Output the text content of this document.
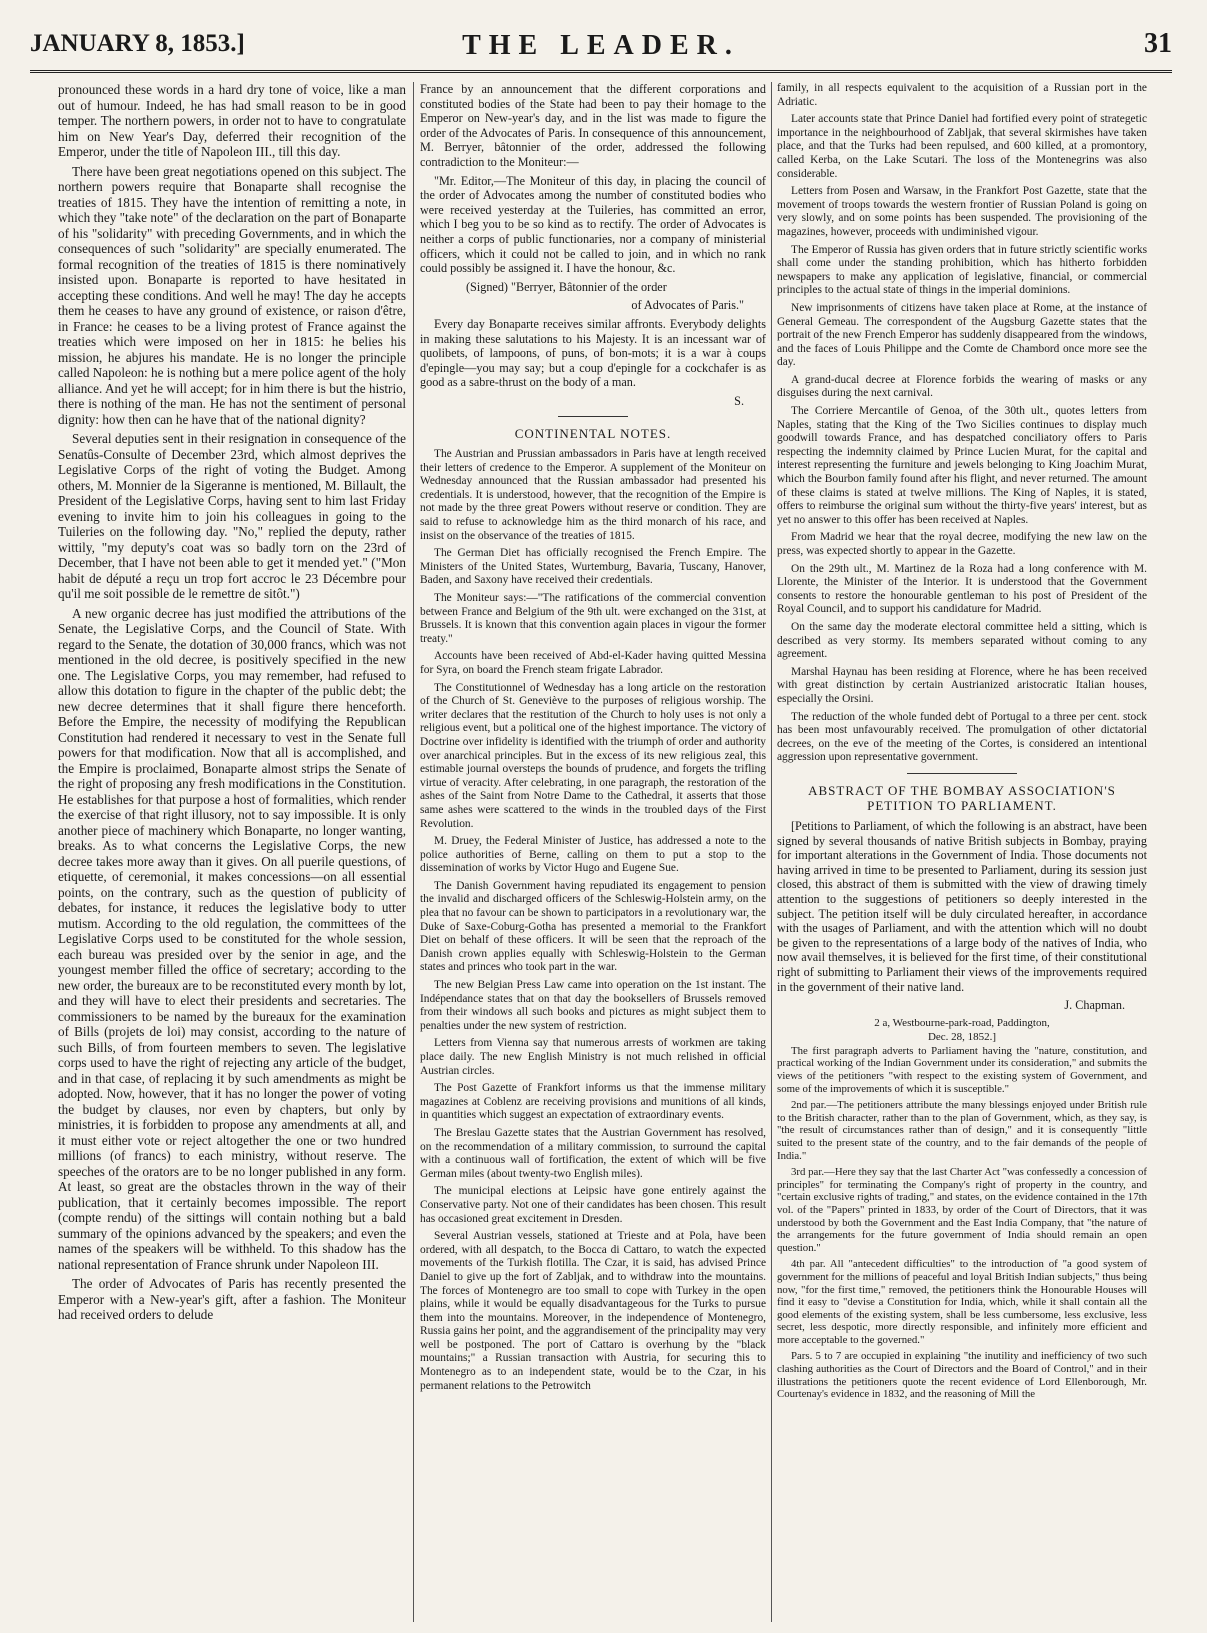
JANUARY 8, 1853.]	THE LEADER.	31

pronounced these words in a hard dry tone of voice, like a man out of humour. Indeed, he has had small reason to be in good temper. The northern powers, in order not to have to congratulate him on New Year's Day, deferred their recognition of the Emperor, under the title of Napoleon III., till this day.

There have been great negotiations opened on this subject. The northern powers require that Bonaparte shall recognise the treaties of 1815. They have the intention of remitting a note, in which they "take note" of the declaration on the part of Bonaparte of his "solidarity" with preceding Governments, and in which the consequences of such "solidarity" are specially enumerated. The formal recognition of the treaties of 1815 is there nominatively insisted upon. Bonaparte is reported to have hesitated in accepting these conditions. And well he may! The day he accepts them he ceases to have any ground of existence, or raison d'être, in France: he ceases to be a living protest of France against the treaties which were imposed on her in 1815: he belies his mission, he abjures his mandate. He is no longer the principle called Napoleon: he is nothing but a mere police agent of the holy alliance. And yet he will accept; for in him there is but the histrio, there is nothing of the man. He has not the sentiment of personal dignity: how then can he have that of the national dignity?

Several deputies sent in their resignation in consequence of the Senatûs-Consulte of December 23rd, which almost deprives the Legislative Corps of the right of voting the Budget. Among others, M. Monnier de la Sigeranne is mentioned, M. Billault, the President of the Legislative Corps, having sent to him last Friday evening to invite him to join his colleagues in going to the Tuileries on the following day. "No," replied the deputy, rather wittily, "my deputy's coat was so badly torn on the 23rd of December, that I have not been able to get it mended yet." ("Mon habit de député a reçu un trop fort accroc le 23 Décembre pour qu'il me soit possible de le remettre de sitôt.")

A new organic decree has just modified the attributions of the Senate, the Legislative Corps, and the Council of State. With regard to the Senate, the dotation of 30,000 francs, which was not mentioned in the old decree, is positively specified in the new one. The Legislative Corps, you may remember, had refused to allow this dotation to figure in the chapter of the public debt; the new decree determines that it shall figure there henceforth. Before the Empire, the necessity of modifying the Republican Constitution had rendered it necessary to vest in the Senate full powers for that modification. Now that all is accomplished, and the Empire is proclaimed, Bonaparte almost strips the Senate of the right of proposing any fresh modifications in the Constitution. He establishes for that purpose a host of formalities, which render the exercise of that right illusory, not to say impossible. It is only another piece of machinery which Bonaparte, no longer wanting, breaks. As to what concerns the Legislative Corps, the new decree takes more away than it gives. On all puerile questions, of etiquette, of ceremonial, it makes concessions—on all essential points, on the contrary, such as the question of publicity of debates, for instance, it reduces the legislative body to utter mutism. According to the old regulation, the committees of the Legislative Corps used to be constituted for the whole session, each bureau was presided over by the senior in age, and the youngest member filled the office of secretary; according to the new order, the bureaux are to be reconstituted every month by lot, and they will have to elect their presidents and secretaries. The commissioners to be named by the bureaux for the examination of Bills (projets de loi) may consist, according to the nature of such Bills, of from fourteen members to seven. The legislative corps used to have the right of rejecting any article of the budget, and in that case, of replacing it by such amendments as might be adopted. Now, however, that it has no longer the power of voting the budget by clauses, nor even by chapters, but only by ministries, it is forbidden to propose any amendments at all, and it must either vote or reject altogether the one or two hundred millions (of francs) to each ministry, without reserve. The speeches of the orators are to be no longer published in any form. At least, so great are the obstacles thrown in the way of their publication, that it certainly becomes impossible. The report (compte rendu) of the sittings will contain nothing but a bald summary of the opinions advanced by the speakers; and even the names of the speakers will be withheld. To this shadow has the national representation of France shrunk under Napoleon III.

The order of Advocates of Paris has recently presented the Emperor with a New-year's gift, after a fashion. The Moniteur had received orders to delude

France by an announcement that the different corporations and constituted bodies of the State had been to pay their homage to the Emperor on New-year's day, and in the list was made to figure the order of the Advocates of Paris. In consequence of this announcement, M. Berryer, bâtonnier of the order, addressed the following contradiction to the Moniteur:—

"Mr. Editor,—The Moniteur of this day, in placing the council of the order of Advocates among the number of constituted bodies who were received yesterday at the Tuileries, has committed an error, which I beg you to be so kind as to rectify. The order of Advocates is neither a corps of public functionaries, nor a company of ministerial officers, which it could not be called to join, and in which no rank could possibly be assigned it. I have the honour, &c.

(Signed) "Berryer, Bâtonnier of the order

of Advocates of Paris."

Every day Bonaparte receives similar affronts. Everybody delights in making these salutations to his Majesty. It is an incessant war of quolibets, of lampoons, of puns, of bon-mots; it is a war à coups d'epingle—you may say; but a coup d'epingle for a cockchafer is as good as a sabre-thrust on the body of a man.

S.

CONTINENTAL NOTES.

The Austrian and Prussian ambassadors in Paris have at length received their letters of credence to the Emperor. A supplement of the Moniteur on Wednesday announced that the Russian ambassador had presented his credentials. It is understood, however, that the recognition of the Empire is not made by the three great Powers without reserve or condition. They are said to refuse to acknowledge him as the third monarch of his race, and insist on the observance of the treaties of 1815.

The German Diet has officially recognised the French Empire. The Ministers of the United States, Wurtemburg, Bavaria, Tuscany, Hanover, Baden, and Saxony have received their credentials.

The Moniteur says:—"The ratifications of the commercial convention between France and Belgium of the 9th ult. were exchanged on the 31st, at Brussels. It is known that this convention again places in vigour the former treaty."

Accounts have been received of Abd-el-Kader having quitted Messina for Syra, on board the French steam frigate Labrador.

The Constitutionnel of Wednesday has a long article on the restoration of the Church of St. Geneviève to the purposes of religious worship. The writer declares that the restitution of the Church to holy uses is not only a religious event, but a political one of the highest importance. The victory of Doctrine over infidelity is identified with the triumph of order and authority over anarchical principles. But in the excess of its new religious zeal, this estimable journal oversteps the bounds of prudence, and forgets the trifling virtue of veracity. After celebrating, in one paragraph, the restoration of the ashes of the Saint from Notre Dame to the Cathedral, it asserts that those same ashes were scattered to the winds in the troubled days of the First Revolution.

M. Druey, the Federal Minister of Justice, has addressed a note to the police authorities of Berne, calling on them to put a stop to the dissemination of works by Victor Hugo and Eugene Sue.

The Danish Government having repudiated its engagement to pension the invalid and discharged officers of the Schleswig-Holstein army, on the plea that no favour can be shown to participators in a revolutionary war, the Duke of Saxe-Coburg-Gotha has presented a memorial to the Frankfort Diet on behalf of these officers. It will be seen that the reproach of the Danish crown applies equally with Schleswig-Holstein to the German states and princes who took part in the war.

The new Belgian Press Law came into operation on the 1st instant. The Indépendance states that on that day the booksellers of Brussels removed from their windows all such books and pictures as might subject them to penalties under the new system of restriction.

Letters from Vienna say that numerous arrests of workmen are taking place daily. The new English Ministry is not much relished in official Austrian circles.

The Post Gazette of Frankfort informs us that the immense military magazines at Coblenz are receiving provisions and munitions of all kinds, in quantities which suggest an expectation of extraordinary events.

The Breslau Gazette states that the Austrian Government has resolved, on the recommendation of a military commission, to surround the capital with a continuous wall of fortification, the extent of which will be five German miles (about twenty-two English miles).

The municipal elections at Leipsic have gone entirely against the Conservative party. Not one of their candidates has been chosen. This result has occasioned great excitement in Dresden.

Several Austrian vessels, stationed at Trieste and at Pola, have been ordered, with all despatch, to the Bocca di Cattaro, to watch the expected movements of the Turkish flotilla. The Czar, it is said, has advised Prince Daniel to give up the fort of Zabljak, and to withdraw into the mountains. The forces of Montenegro are too small to cope with Turkey in the open plains, while it would be equally disadvantageous for the Turks to pursue them into the mountains. Moreover, in the independence of Montenegro, Russia gains her point, and the aggrandisement of the principality may very well be postponed. The port of Cattaro is overhung by the "black mountains;" a Russian transaction with Austria, for securing this to Montenegro as to an independent state, would be to the Czar, in his permanent relations to the Petrowitch

family, in all respects equivalent to the acquisition of a Russian port in the Adriatic.

Later accounts state that Prince Daniel had fortified every point of strategetic importance in the neighbourhood of Zabljak, that several skirmishes have taken place, and that the Turks had been repulsed, and 600 killed, at a promontory, called Kerba, on the Lake Scutari. The loss of the Montenegrins was also considerable.

Letters from Posen and Warsaw, in the Frankfort Post Gazette, state that the movement of troops towards the western frontier of Russian Poland is going on very slowly, and on some points has been suspended. The provisioning of the magazines, however, proceeds with undiminished vigour.

The Emperor of Russia has given orders that in future strictly scientific works shall come under the standing prohibition, which has hitherto forbidden newspapers to make any application of legislative, financial, or commercial principles to the actual state of things in the imperial dominions.

New imprisonments of citizens have taken place at Rome, at the instance of General Gemeau. The correspondent of the Augsburg Gazette states that the portrait of the new French Emperor has suddenly disappeared from the windows, and the faces of Louis Philippe and the Comte de Chambord once more see the day.

A grand-ducal decree at Florence forbids the wearing of masks or any disguises during the next carnival.

The Corriere Mercantile of Genoa, of the 30th ult., quotes letters from Naples, stating that the King of the Two Sicilies continues to display much goodwill towards France, and has despatched conciliatory offers to Paris respecting the indemnity claimed by Prince Lucien Murat, for the capital and interest representing the furniture and jewels belonging to King Joachim Murat, which the Bourbon family found after his flight, and never returned. The amount of these claims is stated at twelve millions. The King of Naples, it is stated, offers to reimburse the original sum without the thirty-five years' interest, but as yet no answer to this offer has been received at Naples.

From Madrid we hear that the royal decree, modifying the new law on the press, was expected shortly to appear in the Gazette.

On the 29th ult., M. Martinez de la Roza had a long conference with M. Llorente, the Minister of the Interior. It is understood that the Government consents to restore the honourable gentleman to his post of President of the Royal Council, and to support his candidature for Madrid.

On the same day the moderate electoral committee held a sitting, which is described as very stormy. Its members separated without coming to any agreement.

Marshal Haynau has been residing at Florence, where he has been received with great distinction by certain Austrianized aristocratic Italian houses, especially the Orsini.

The reduction of the whole funded debt of Portugal to a three per cent. stock has been most unfavourably received. The promulgation of other dictatorial decrees, on the eve of the meeting of the Cortes, is considered an intentional aggression upon representative government.

ABSTRACT OF THE BOMBAY ASSOCIATION'S PETITION TO PARLIAMENT.

[Petitions to Parliament, of which the following is an abstract, have been signed by several thousands of native British subjects in Bombay, praying for important alterations in the Government of India. Those documents not having arrived in time to be presented to Parliament, during its session just closed, this abstract of them is submitted with the view of drawing timely attention to the suggestions of petitioners so deeply interested in the subject. The petition itself will be duly circulated hereafter, in accordance with the usages of Parliament, and with the attention which will no doubt be given to the representations of a large body of the natives of India, who now avail themselves, it is believed for the first time, of their constitutional right of submitting to Parliament their views of the improvements required in the government of their native land.

J. Chapman.

2 a, Westbourne-park-road, Paddington,

Dec. 28, 1852.]

The first paragraph adverts to Parliament having the "nature, constitution, and practical working of the Indian Government under its consideration," and submits the views of the petitioners "with respect to the existing system of Government, and some of the improvements of which it is susceptible."

2nd par.—The petitioners attribute the many blessings enjoyed under British rule to the British character, rather than to the plan of Government, which, as they say, is "the result of circumstances rather than of design," and it is consequently "little suited to the present state of the country, and to the fair demands of the people of India."

3rd par.—Here they say that the last Charter Act "was confessedly a concession of principles" for terminating the Company's right of property in the country, and "certain exclusive rights of trading," and states, on the evidence contained in the 17th vol. of the "Papers" printed in 1833, by order of the Court of Directors, that it was understood by both the Government and the East India Company, that "the nature of the arrangements for the future government of India should remain an open question."

4th par. All "antecedent difficulties" to the introduction of "a good system of government for the millions of peaceful and loyal British Indian subjects," thus being now, "for the first time," removed, the petitioners think the Honourable Houses will find it easy to "devise a Constitution for India, which, while it shall contain all the good elements of the existing system, shall be less cumbersome, less exclusive, less secret, less despotic, more directly responsible, and infinitely more efficient and more acceptable to the governed."

Pars. 5 to 7 are occupied in explaining "the inutility and inefficiency of two such clashing authorities as the Court of Directors and the Board of Control," and in their illustrations the petitioners quote the recent evidence of Lord Ellenborough, Mr. Courtenay's evidence in 1832, and the reasoning of Mill the
